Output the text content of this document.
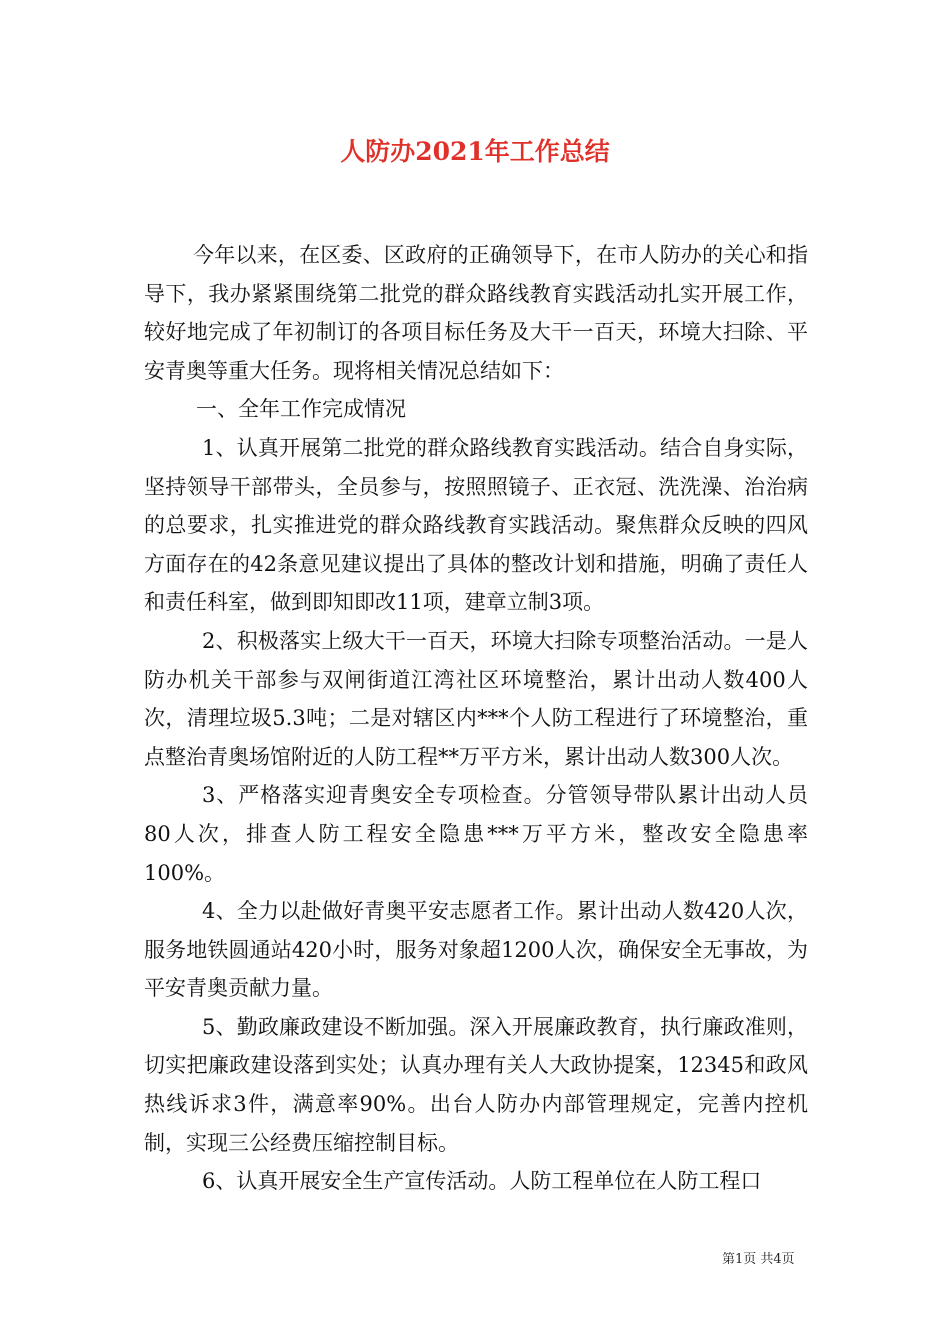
人防办2021年工作总结

今年以来，在区委、区政府的正确领导下，在市人防办的关心和指导下，我办紧紧围绕第二批党的群众路线教育实践活动扎实开展工作，较好地完成了年初制订的各项目标任务及大干一百天，环境大扫除、平安青奥等重大任务。现将相关情况总结如下：

一、全年工作完成情况

1、认真开展第二批党的群众路线教育实践活动。结合自身实际，坚持领导干部带头，全员参与，按照照镜子、正衣冠、洗洗澡、治治病的总要求，扎实推进党的群众路线教育实践活动。聚焦群众反映的四风方面存在的42条意见建议提出了具体的整改计划和措施，明确了责任人和责任科室，做到即知即改11项，建章立制3项。

2、积极落实上级大干一百天，环境大扫除专项整治活动。一是人防办机关干部参与双闸街道江湾社区环境整治，累计出动人数400人次，清理垃圾5.3吨；二是对辖区内***个人防工程进行了环境整治，重点整治青奥场馆附近的人防工程**万平方米，累计出动人数300人次。

3、严格落实迎青奥安全专项检查。分管领导带队累计出动人员80人次，排查人防工程安全隐患***万平方米，整改安全隐患率100%。

4、全力以赴做好青奥平安志愿者工作。累计出动人数420人次，服务地铁圆通站420小时，服务对象超1200人次，确保安全无事故，为平安青奥贡献力量。

5、勤政廉政建设不断加强。深入开展廉政教育，执行廉政准则，切实把廉政建设落到实处；认真办理有关人大政协提案，12345和政风热线诉求3件，满意率90%。出台人防办内部管理规定，完善内控机制，实现三公经费压缩控制目标。

6、认真开展安全生产宣传活动。人防工程单位在人防工程口

第1页 共4页
